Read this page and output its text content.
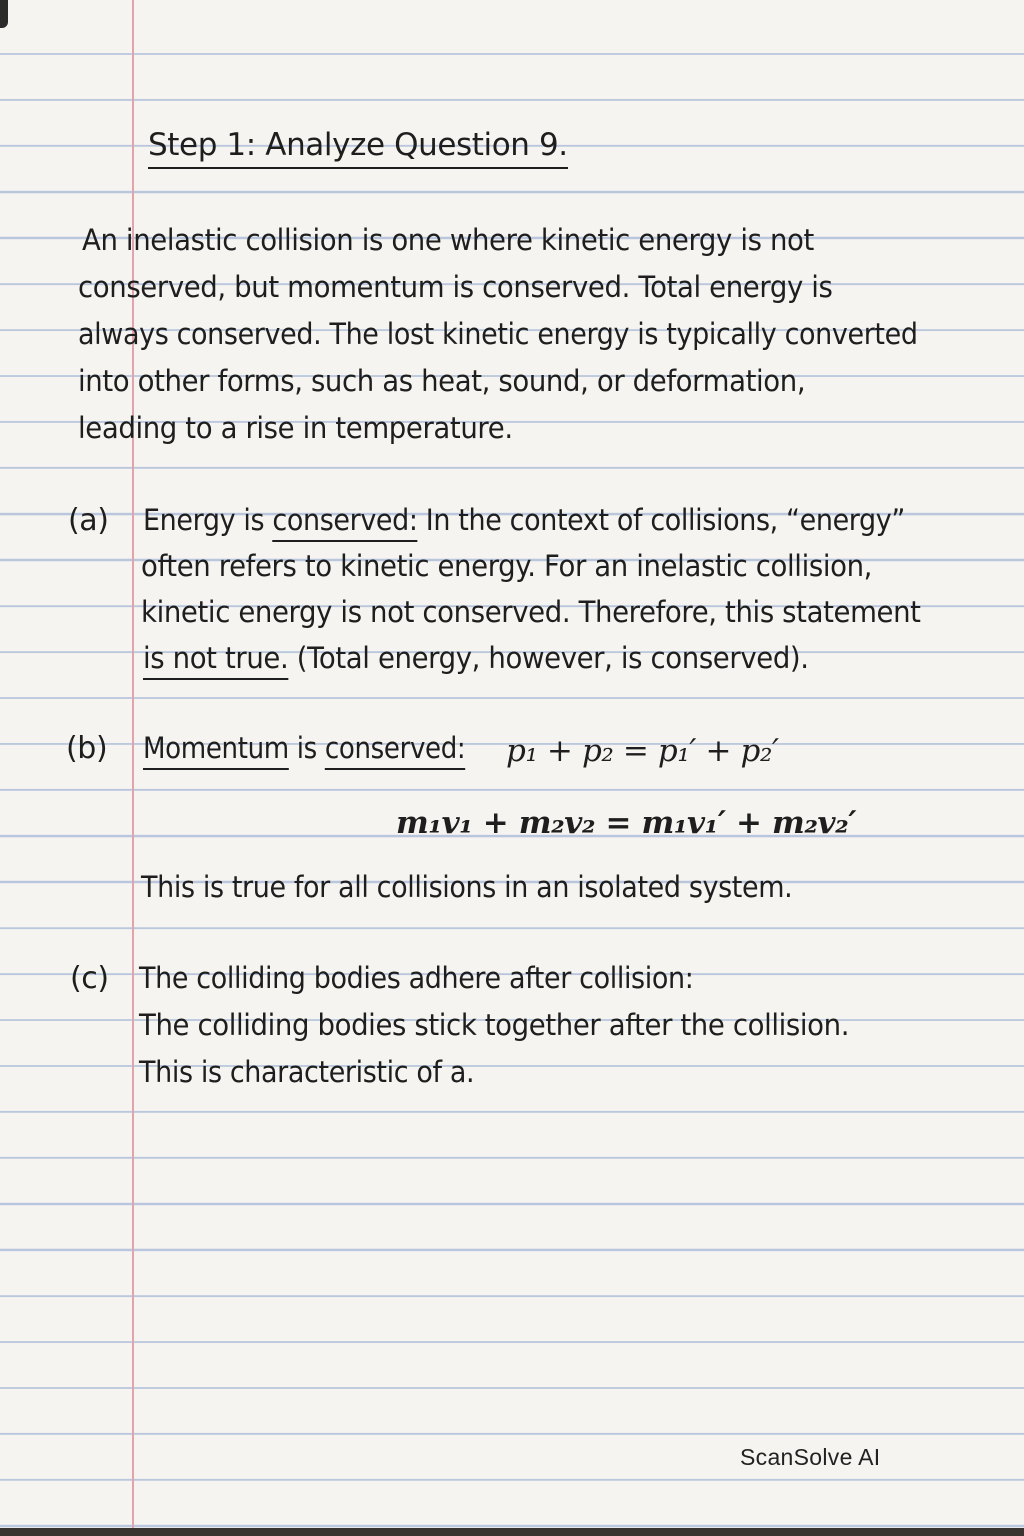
Step 1: Analyze Question 9.
An inelastic collision is one where kinetic energy is not
conserved, but momentum is conserved. Total energy is
always conserved. The lost kinetic energy is typically converted
into other forms, such as heat, sound, or deformation,
leading to a rise in temperature.
(a) Energy is conserved: In the context of collisions, “energy”
often refers to kinetic energy. For an inelastic collision,
kinetic energy is not conserved. Therefore, this statement
is not true. (Total energy, however, is conserved).
(b) Momentum is conserved: p₁ + p₂ = p₁′ + p₂′
m₁v₁ + m₂v₂ = m₁v₁′ + m₂v₂′
This is true for all collisions in an isolated system.
(c) The colliding bodies adhere after collision:
The colliding bodies stick together after the collision.
This is characteristic of a.
ScanSolve AI
